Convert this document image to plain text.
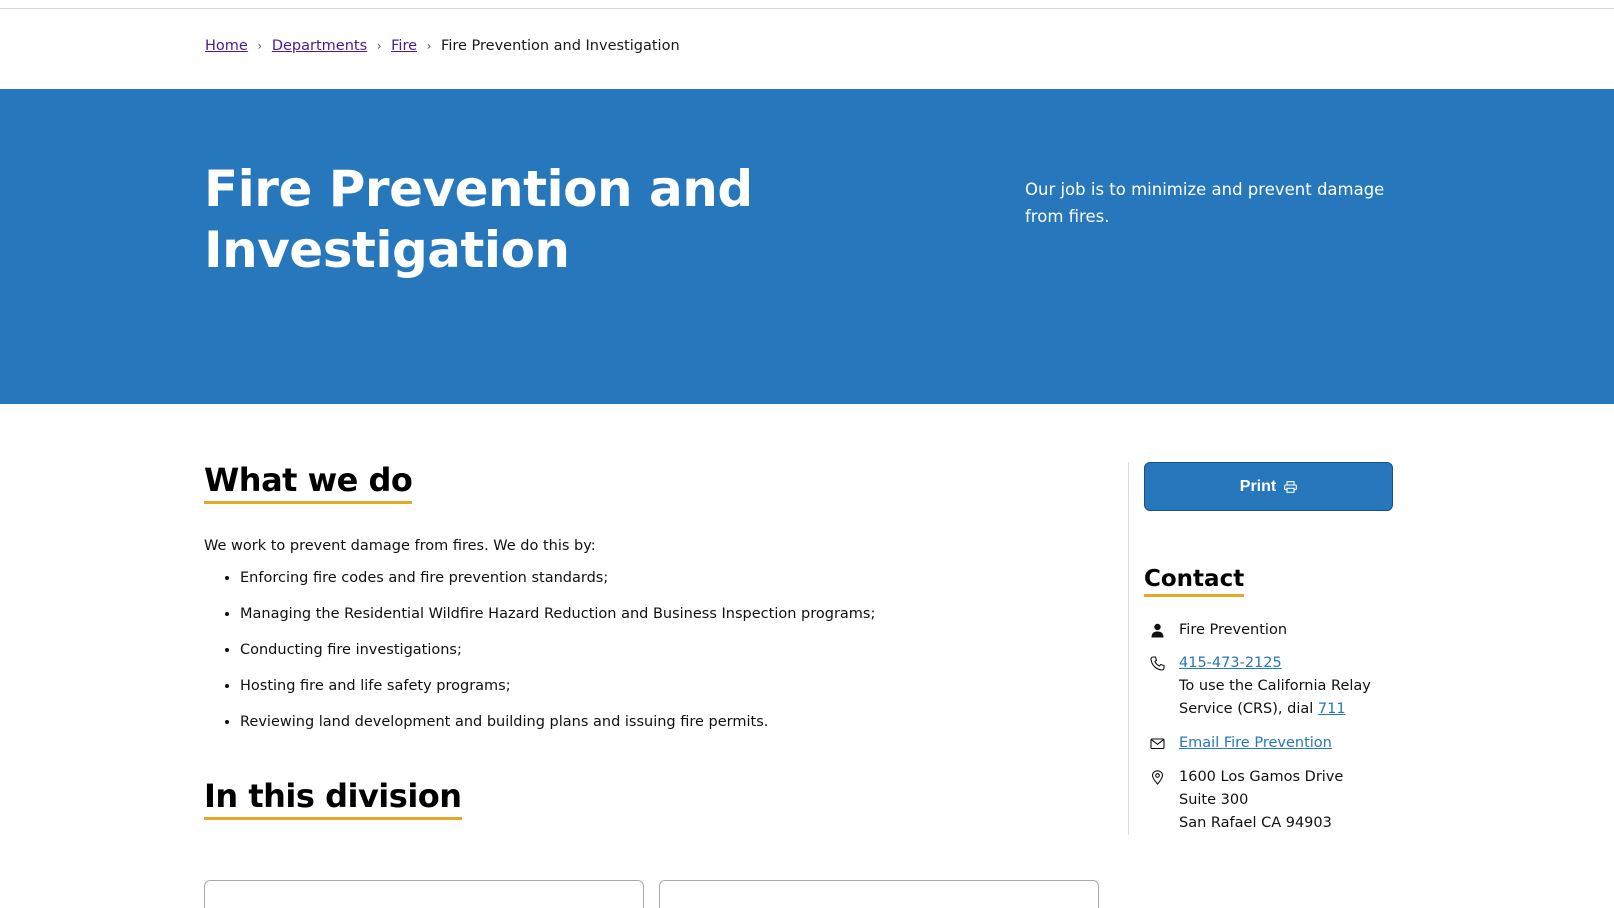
Home › Departments › Fire › Fire Prevention and Investigation
Fire Prevention and Investigation

Our job is to minimize and prevent damage from fires.

What we do

We work to prevent damage from fires. We do this by:

• Enforcing fire codes and fire prevention standards;
• Managing the Residential Wildfire Hazard Reduction and Business Inspection programs;
• Conducting fire investigations;
• Hosting fire and life safety programs;
• Reviewing land development and building plans and issuing fire permits.
In this division
Print
Contact
Fire Prevention
415-473-2125
To use the California Relay Service (CRS), dial 711
Email Fire Prevention
1600 Los Gamos Drive
Suite 300
San Rafael CA 94903
